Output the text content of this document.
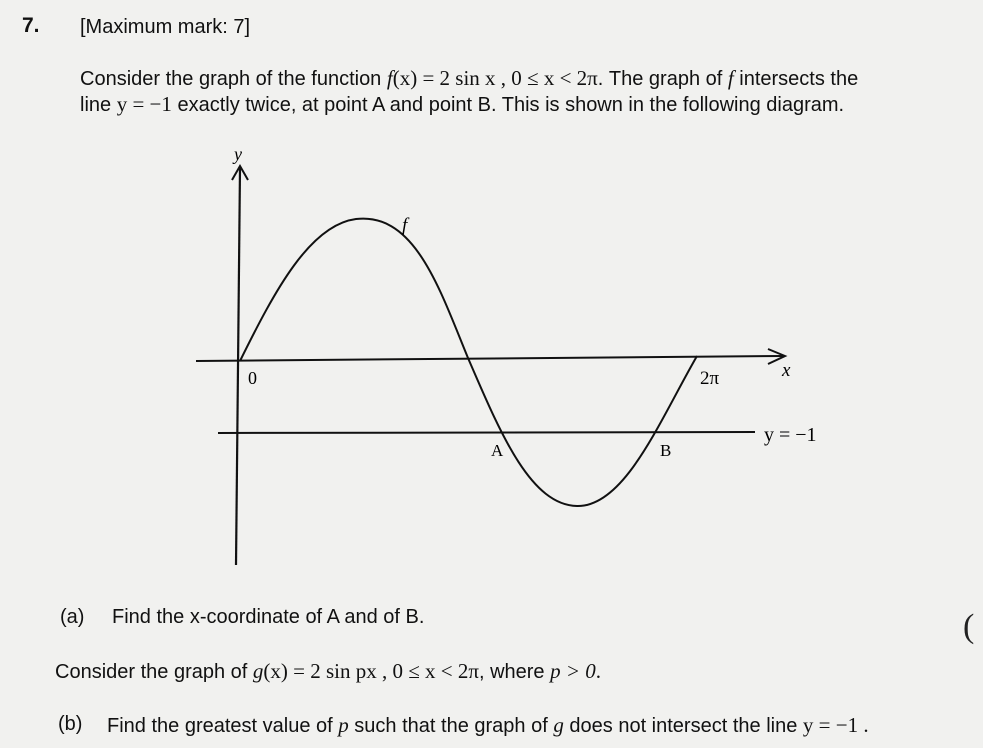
7. [Maximum mark: 7]
Consider the graph of the function f(x) = 2 sin x , 0 ≤ x < 2π. The graph of f intersects the
line y = −1 exactly twice, at point A and point B. This is shown in the following diagram.
y
x
0	2π
f
y = −1
A	B
(a) Find the x-coordinate of A and of B.
Consider the graph of g(x) = 2 sin px , 0 ≤ x < 2π, where p > 0.
(b) Find the greatest value of p such that the graph of g does not intersect the line y = −1 .
(
